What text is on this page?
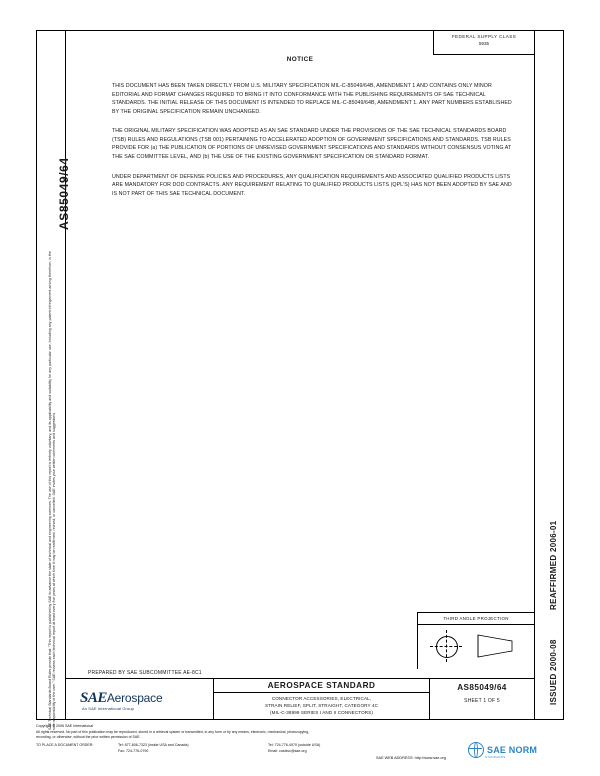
AS85049/64
SAE Technical Standards Board Rules provide that: "This report is published by SAE to advance the state of technical and engineering sciences. The use of this report is entirely voluntary, and its applicability and suitability for any particular use, including any patent infringement arising therefrom, is the sole responsibility of the user." SAE reviews each technical report at least every five years at which time it may be reaffirmed, revised, or cancelled. SAE invites your written comments and suggestions.	REAFFIRMED 2006-01
ISSUED 2000-08
FEDERAL SUPPLY CLASS
5935
NOTICE

THIS DOCUMENT HAS BEEN TAKEN DIRECTLY FROM U.S. MILITARY SPECIFICATION MIL-C-85049/64B, AMENDMENT 1 AND CONTAINS ONLY MINOR EDITORIAL AND FORMAT CHANGES REQUIRED TO BRING IT INTO CONFORMANCE WITH THE PUBLISHING REQUIREMENTS OF SAE TECHNICAL STANDARDS. THE INITIAL RELEASE OF THIS DOCUMENT IS INTENDED TO REPLACE MIL-C-85049/64B, AMENDMENT 1. ANY PART NUMBERS ESTABLISHED BY THE ORIGINAL SPECIFICATION REMAIN UNCHANGED.

THE ORIGINAL MILITARY SPECIFICATION WAS ADOPTED AS AN SAE STANDARD UNDER THE PROVISIONS OF THE SAE TECHNICAL STANDARDS BOARD (TSB) RULES AND REGULATIONS (TSB 001) PERTAINING TO ACCELERATED ADOPTION OF GOVERNMENT SPECIFICATIONS AND STANDARDS. TSB RULES PROVIDE FOR (a) THE PUBLICATION OF PORTIONS OF UNREVISED GOVERNMENT SPECIFICATIONS AND STANDARDS WITHOUT CONSENSUS VOTING AT THE SAE COMMITTEE LEVEL, AND (b) THE USE OF THE EXISTING GOVERNMENT SPECIFICATION OR STANDARD FORMAT.

UNDER DEPARTMENT OF DEFENSE POLICIES AND PROCEDURES, ANY QUALIFICATION REQUIREMENTS AND ASSOCIATED QUALIFIED PRODUCTS LISTS ARE MANDATORY FOR DOD CONTRACTS. ANY REQUIREMENT RELATING TO QUALIFIED PRODUCTS LISTS (QPL'S) HAS NOT BEEN ADOPTED BY SAE AND IS NOT PART OF THIS SAE TECHNICAL DOCUMENT.

THIRD ANGLE PROJECTION
PREPARED BY SAE SUBCOMMITTEE AE-8C1
SAE Aerospace
An SAE International Group
AEROSPACE STANDARD
CONNECTOR ACCESSORIES, ELECTRICAL,
STRAIN RELIEF, SPLIT, STRAIGHT, CATEGORY 4C
(MIL-C-38999 SERIES I AND II CONNECTORS)
AS85049/64
SHEET 1 OF 5
Copyright © 2006 SAE International
All rights reserved. No part of this publication may be reproduced, stored in a retrieval system or transmitted, in any form or by any means, electronic, mechanical, photocopying,
recording, or otherwise, without the prior written permission of SAE.
TO PLACE A DOCUMENT ORDER:	Tel: 877-606-7323 (inside USA and Canada)
Fax: 724-776-0790
Tel: 724-776-4970 (outside USA)
Email: custsvc@sae.org
SAE WEB ADDRESS: http://www.sae.org
SAE NORM
STANDARDS
